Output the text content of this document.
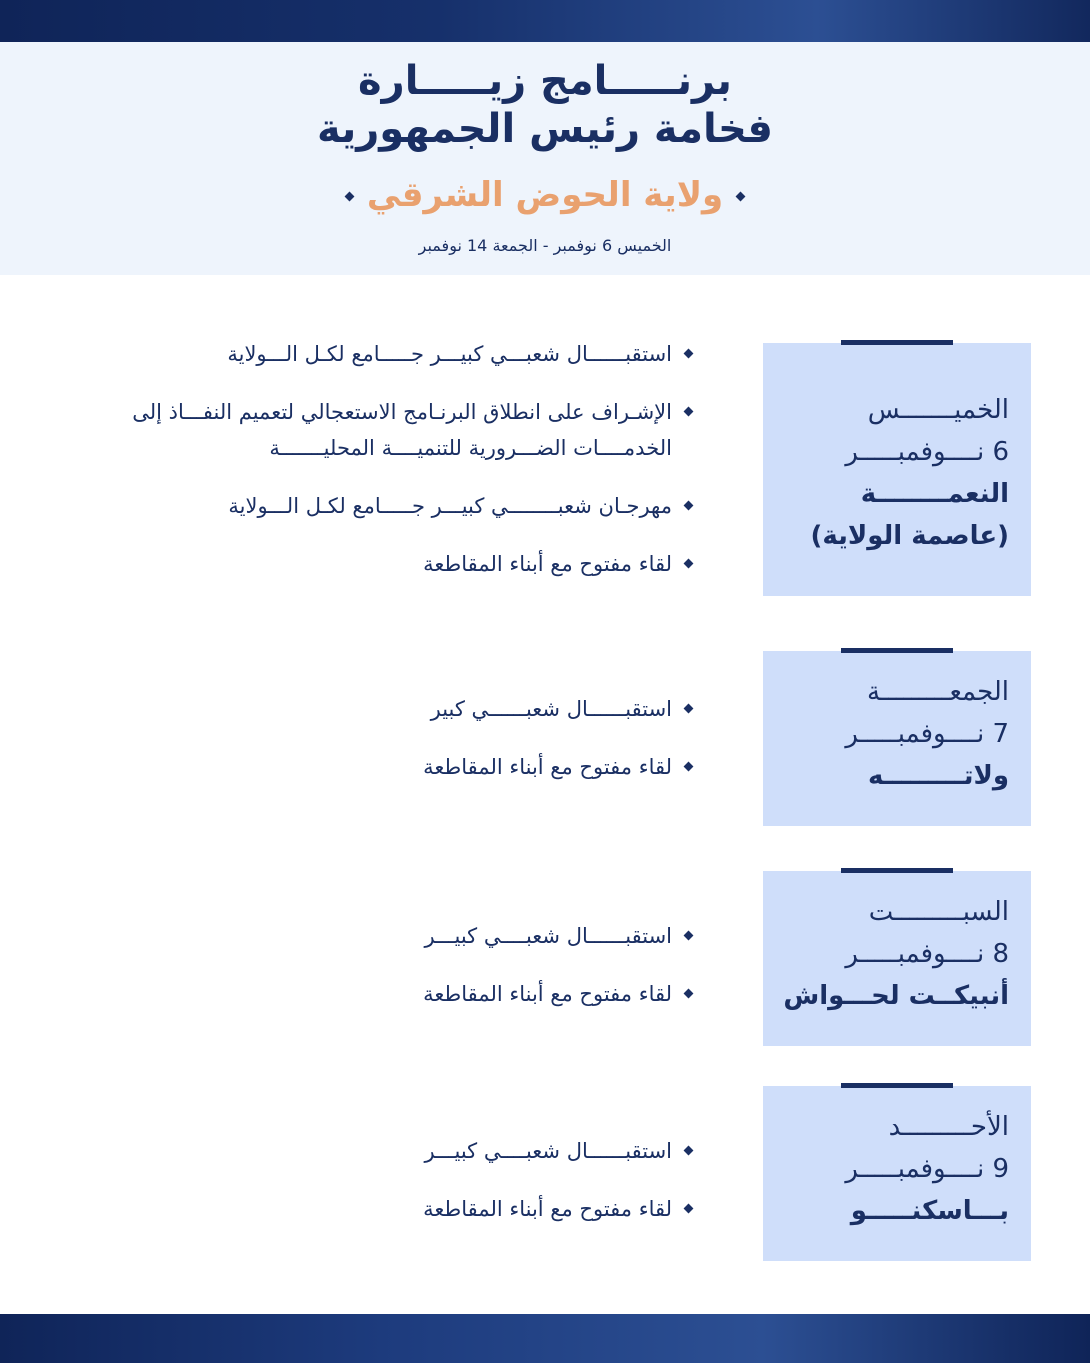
برنـــــامج زيـــــارة
فخامة رئيس الجمهورية
ولاية الحوض الشرقي
الخميس 6 نوفمبر - الجمعة 14 نوفمبر
الخميـــــــس
6 نــــوفمبـــــر
النعمــــــــة
(عاصمة الولاية)
استقبــــــال شعبـــي كبيـــر جـــــامع لكـل الـــولاية
الإشـراف على انطلاق البرنـامج الاستعجالي لتعميم النفـــاذ إلى الخدمــــات الضـــرورية للتنميــــة المحليـــــــة
مهرجـان شعبــــــــي كبيـــر جـــــامع لكـل الـــولاية
لقاء مفتوح مع أبناء المقاطعة
الجمعـــــــــة
7 نــــوفمبـــــر
ولاتـــــــــه
استقبــــــال شعبــــــي كبير
لقاء مفتوح مع أبناء المقاطعة
السبـــــــــت
8 نــــوفمبـــــر
أنبيكــت لحـــواش
استقبــــــال شعبــــي كبيـــر
لقاء مفتوح مع أبناء المقاطعة
الأحـــــــــد
9 نــــوفمبـــــر
بـــاسكنـــــو
استقبــــــال شعبــــي كبيـــر
لقاء مفتوح مع أبناء المقاطعة
